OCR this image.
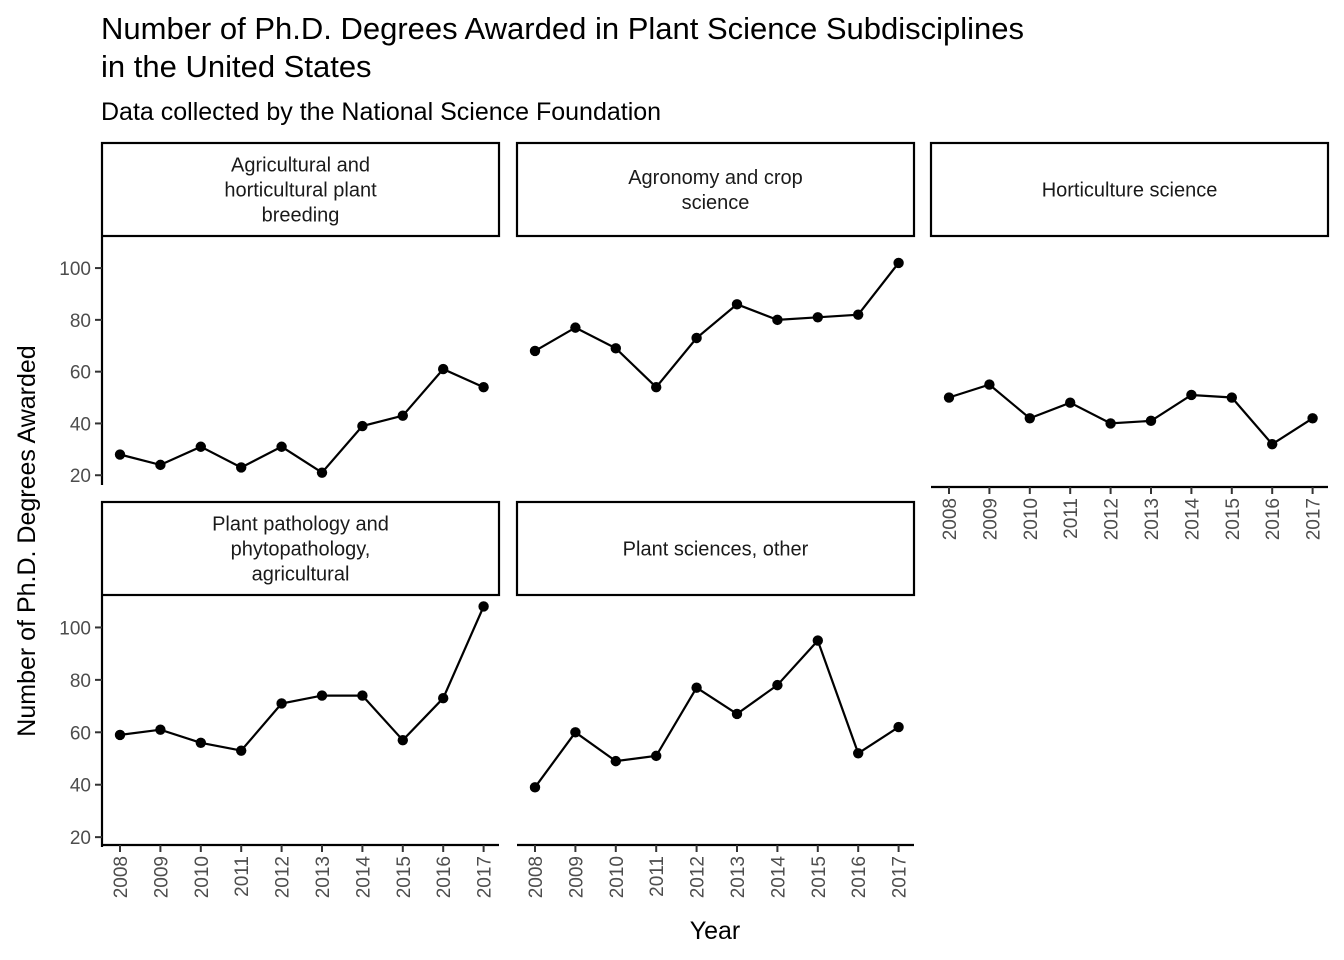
Number of Ph.D. Degrees Awarded in Plant Science Subdisciplines
in the United States
Data collected by the National Science Foundation
Number of Ph.D. Degrees Awarded
Year
Agricultural and
horticultural plant
breeding
20
40
60
80
100
Agronomy and crop
science
Horticulture science
2008 2009 2010 2011 2012 2013 2014 2015 2016 2017
Plant pathology and
phytopathology,
agricultural
20
40
60
80
100
2008 2009 2010 2011 2012 2013 2014 2015 2016 2017
Plant sciences, other
2008 2009 2010 2011 2012 2013 2014 2015 2016 2017
